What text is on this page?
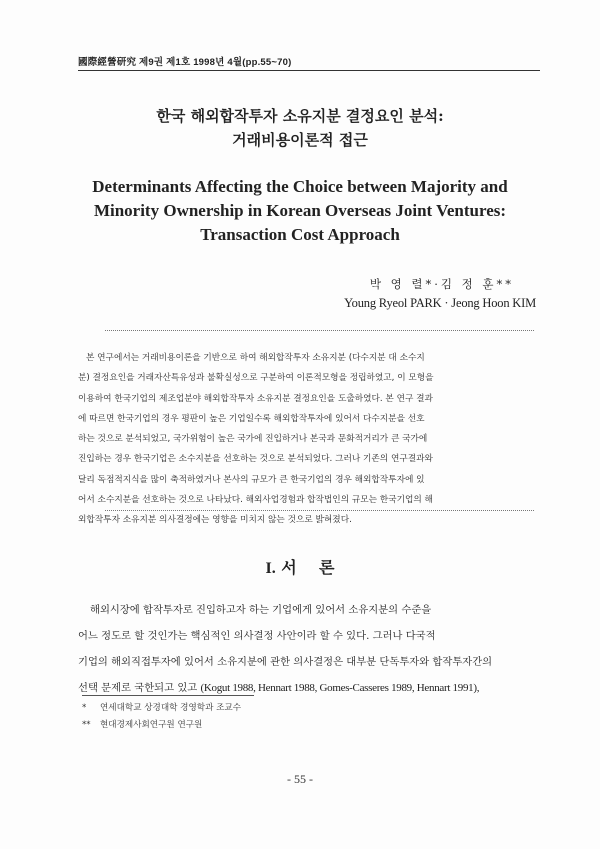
國際經營研究 제9권 제1호 1998년 4월(pp.55~70)
한국 해외합작투자 소유지분 결정요인 분석:
거래비용이론적 접근
Determinants Affecting the Choice between Majority and
Minority Ownership in Korean Overseas Joint Ventures:
Transaction Cost Approach
박 영 렬*·김 정 훈**
Young Ryeol PARK · Jeong Hoon KIM
본 연구에서는 거래비용이론을 기반으로 하여 해외합작투자 소유지분 (다수지분 대 소수지
분) 결정요인을 거래자산특유성과 불확실성으로 구분하여 이론적모형을 정립하였고, 이 모형을
이용하여 한국기업의 제조업분야 해외합작투자 소유지분 결정요인을 도출하였다. 본 연구 결과
에 따르면 한국기업의 경우 평판이 높은 기업일수록 해외합작투자에 있어서 다수지분을 선호
하는 것으로 분석되었고, 국가위험이 높은 국가에 진입하거나 본국과 문화적거리가 큰 국가에
진입하는 경우 한국기업은 소수지분을 선호하는 것으로 분석되었다. 그러나 기존의 연구결과와
달리 독점적지식을 많이 축적하였거나 본사의 규모가 큰 한국기업의 경우 해외합작투자에 있
어서 소수지분을 선호하는 것으로 나타났다. 해외사업경험과 합작법인의 규모는 한국기업의 해
외합작투자 소유지분 의사결정에는 영향을 미치지 않는 것으로 밝혀졌다.
I. 서    론
해외시장에 합작투자로 진입하고자 하는 기업에게 있어서 소유지분의 수준을
어느 정도로 할 것인가는 핵심적인 의사결정 사안이라 할 수 있다. 그러나 다국적
기업의 해외직접투자에 있어서 소유지분에 관한 의사결정은 대부분 단독투자와 합작투자간의
선택 문제로 국한되고 있고 (Kogut 1988, Hennart 1988, Gomes-Casseres 1989, Hennart 1991),
* 연세대학교 상경대학 경영학과 조교수
** 현대경제사회연구원 연구원
- 55 -
